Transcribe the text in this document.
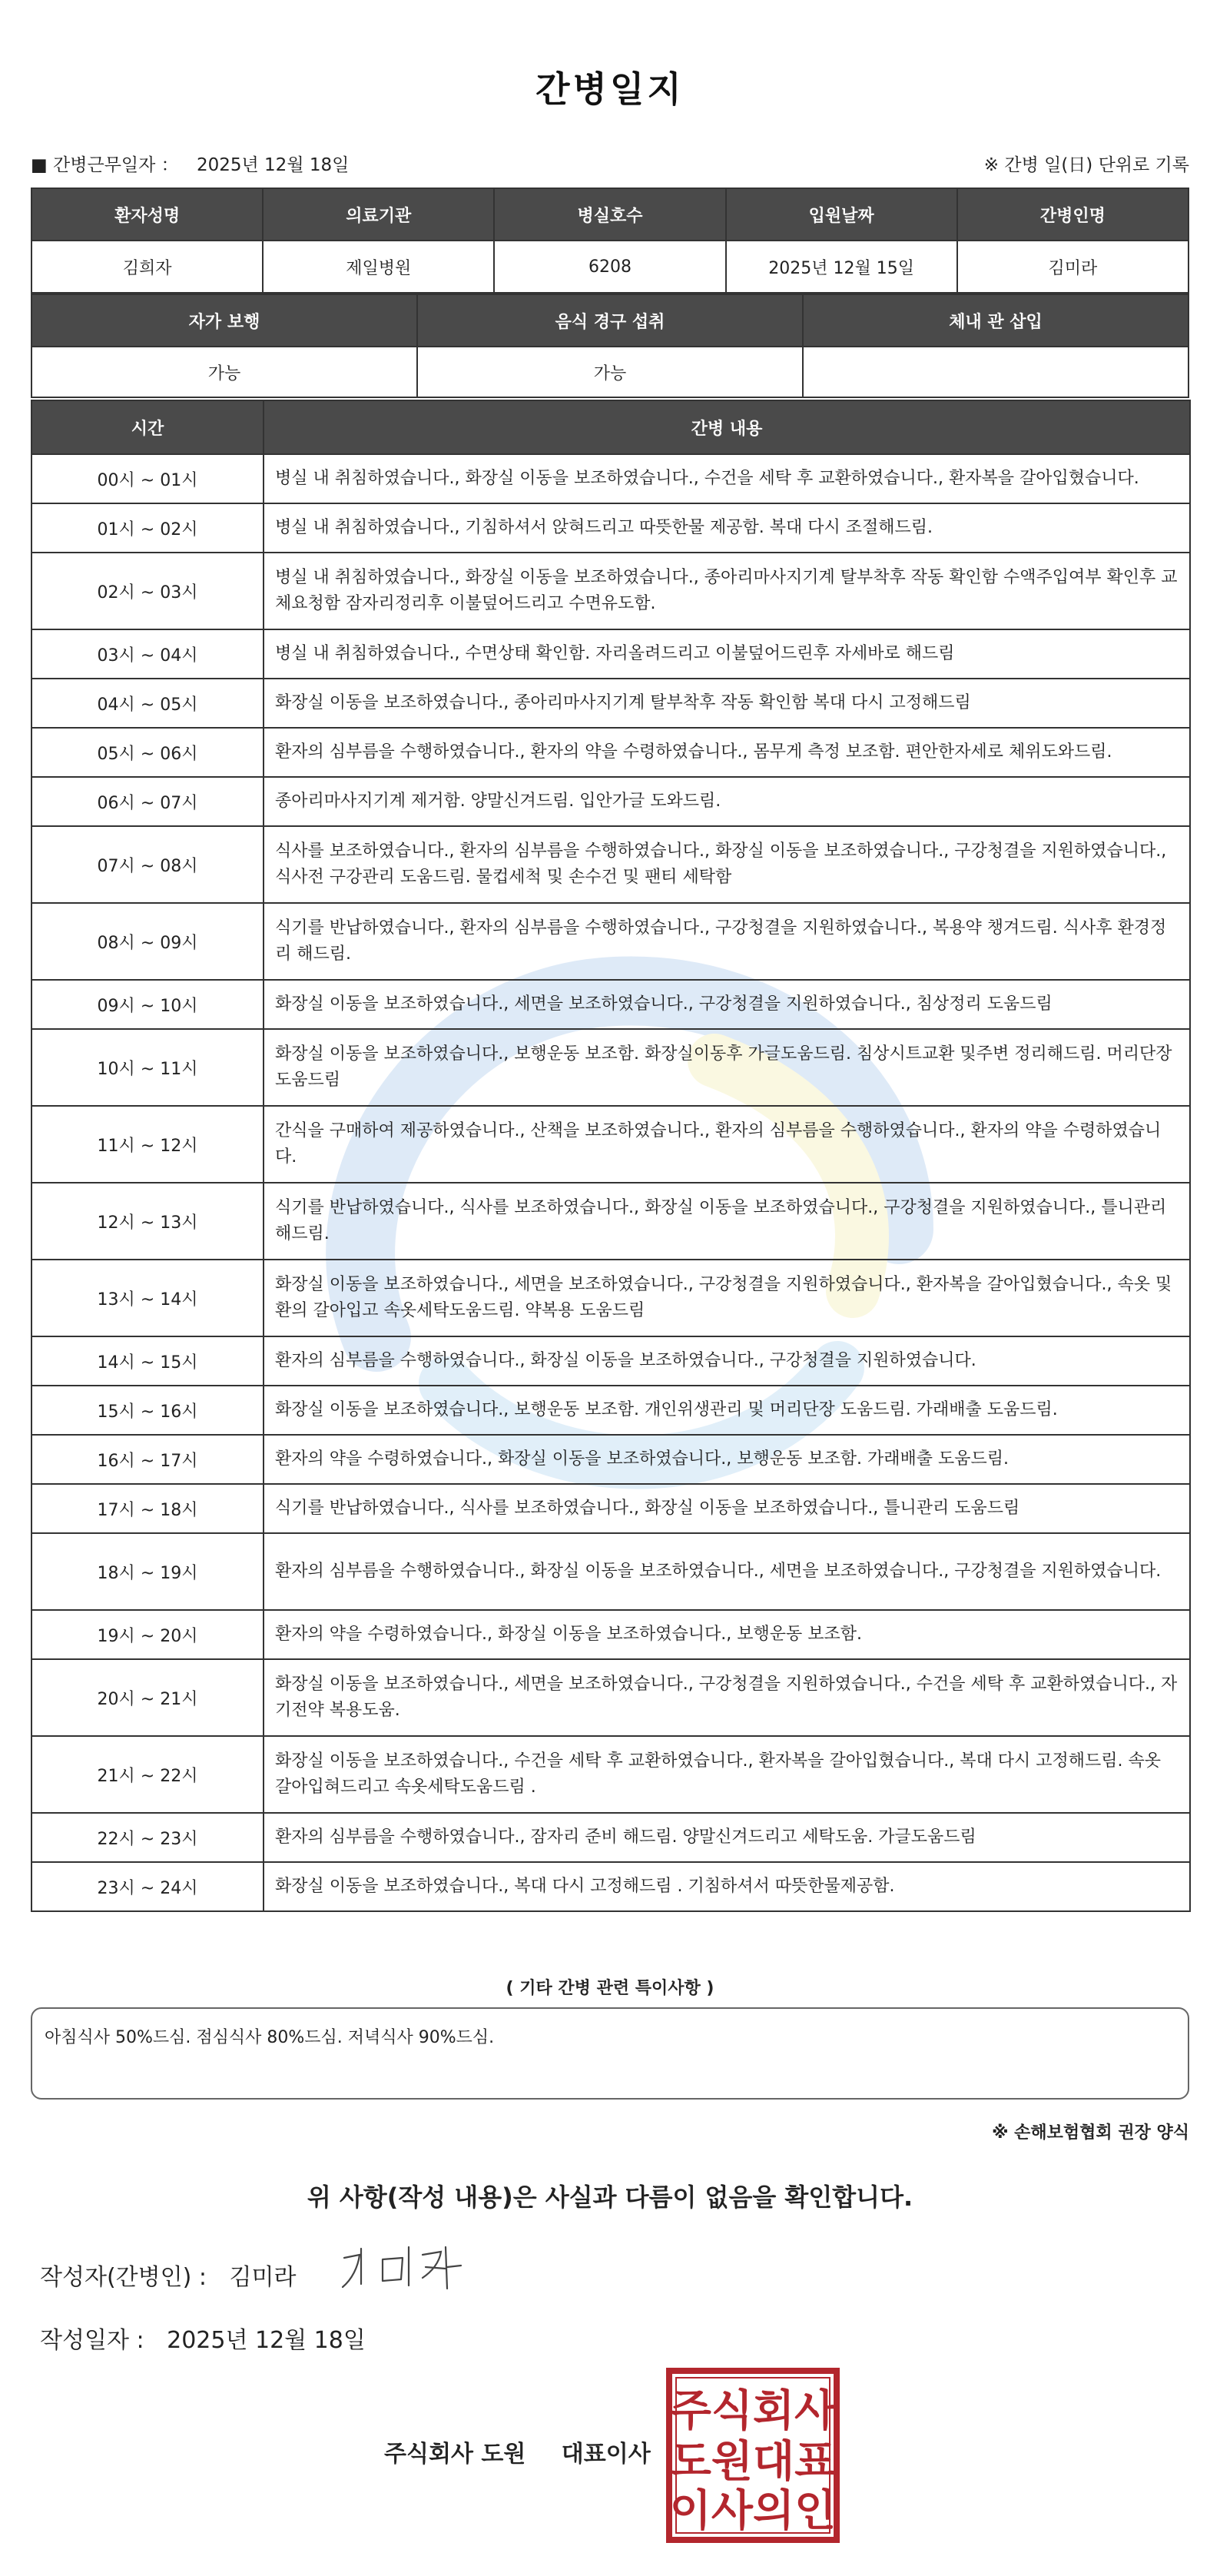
간병일지
■ 간병근무일자 ： 2025년 12월 18일	※ 간병 일(日) 단위로 기록
환자성명	의료기관	병실호수	입원날짜	간병인명
김희자	제일병원	6208	2025년 12월 15일	김미라
자가 보행	음식 경구 섭취	체내 관 삽입
가능	가능	
시간	간병 내용
00시 ~ 01시	병실 내 취침하였습니다., 화장실 이동을 보조하였습니다., 수건을 세탁 후 교환하였습니다., 환자복을 갈아입혔습니다.
01시 ~ 02시	병실 내 취침하였습니다., 기침하셔서 앉혀드리고 따뜻한물 제공함. 복대 다시 조절해드림.
02시 ~ 03시	병실 내 취침하였습니다., 화장실 이동을 보조하였습니다., 종아리마사지기계 탈부착후 작동 확인함 수액주입여부 확인후 교체요청함 잠자리정리후 이불덮어드리고 수면유도함.
03시 ~ 04시	병실 내 취침하였습니다., 수면상태 확인함. 자리올려드리고 이불덮어드린후 자세바로 해드림
04시 ~ 05시	화장실 이동을 보조하였습니다., 종아리마사지기계 탈부착후 작동 확인함 복대 다시 고정해드림
05시 ~ 06시	환자의 심부름을 수행하였습니다., 환자의 약을 수령하였습니다., 몸무게 측정 보조함. 편안한자세로 체위도와드림.
06시 ~ 07시	종아리마사지기계 제거함. 양말신겨드림. 입안가글 도와드림.
07시 ~ 08시	식사를 보조하였습니다., 환자의 심부름을 수행하였습니다., 화장실 이동을 보조하였습니다., 구강청결을 지원하였습니다., 식사전 구강관리 도움드림. 물컵세척 및 손수건 및 팬티 세탁함
08시 ~ 09시	식기를 반납하였습니다., 환자의 심부름을 수행하였습니다., 구강청결을 지원하였습니다., 복용약 챙겨드림. 식사후 환경정리 해드림.
09시 ~ 10시	화장실 이동을 보조하였습니다., 세면을 보조하였습니다., 구강청결을 지원하였습니다., 침상정리 도움드림
10시 ~ 11시	화장실 이동을 보조하였습니다., 보행운동 보조함. 화장실이동후 가글도움드림. 침상시트교환 및주변 정리해드림. 머리단장 도움드림
11시 ~ 12시	간식을 구매하여 제공하였습니다., 산책을 보조하였습니다., 환자의 심부름을 수행하였습니다., 환자의 약을 수령하였습니다.
12시 ~ 13시	식기를 반납하였습니다., 식사를 보조하였습니다., 화장실 이동을 보조하였습니다., 구강청결을 지원하였습니다., 틀니관리 해드림.
13시 ~ 14시	화장실 이동을 보조하였습니다., 세면을 보조하였습니다., 구강청결을 지원하였습니다., 환자복을 갈아입혔습니다., 속옷 및 환의 갈아입고 속옷세탁도움드림. 약복용 도움드림
14시 ~ 15시	환자의 심부름을 수행하였습니다., 화장실 이동을 보조하였습니다., 구강청결을 지원하였습니다.
15시 ~ 16시	화장실 이동을 보조하였습니다., 보행운동 보조함. 개인위생관리 및 머리단장 도움드림. 가래배출 도움드림.
16시 ~ 17시	환자의 약을 수령하였습니다., 화장실 이동을 보조하였습니다., 보행운동 보조함. 가래배출 도움드림.
17시 ~ 18시	식기를 반납하였습니다., 식사를 보조하였습니다., 화장실 이동을 보조하였습니다., 틀니관리 도움드림
18시 ~ 19시	환자의 심부름을 수행하였습니다., 화장실 이동을 보조하였습니다., 세면을 보조하였습니다., 구강청결을 지원하였습니다.
19시 ~ 20시	환자의 약을 수령하였습니다., 화장실 이동을 보조하였습니다., 보행운동 보조함.
20시 ~ 21시	화장실 이동을 보조하였습니다., 세면을 보조하였습니다., 구강청결을 지원하였습니다., 수건을 세탁 후 교환하였습니다., 자기전약 복용도움.
21시 ~ 22시	화장실 이동을 보조하였습니다., 수건을 세탁 후 교환하였습니다., 환자복을 갈아입혔습니다., 복대 다시 고정해드림. 속옷 갈아입혀드리고 속옷세탁도움드림 .
22시 ~ 23시	환자의 심부름을 수행하였습니다., 잠자리 준비 해드림. 양말신겨드리고 세탁도움. 가글도움드림
23시 ~ 24시	화장실 이동을 보조하였습니다., 복대 다시 고정해드림 . 기침하셔서 따뜻한물제공함.
( 기타 간병 관련 특이사항 )
아침식사 50%드심. 점심식사 80%드심. 저녁식사 90%드심.
※ 손해보험협회 권장 양식
위 사항(작성 내용)은 사실과 다름이 없음을 확인합니다.
작성자(간병인) : 김미라
작성일자 : 2025년 12월 18일
주식회사 도원 대표이사
주식회사
도원대표
이사의인
